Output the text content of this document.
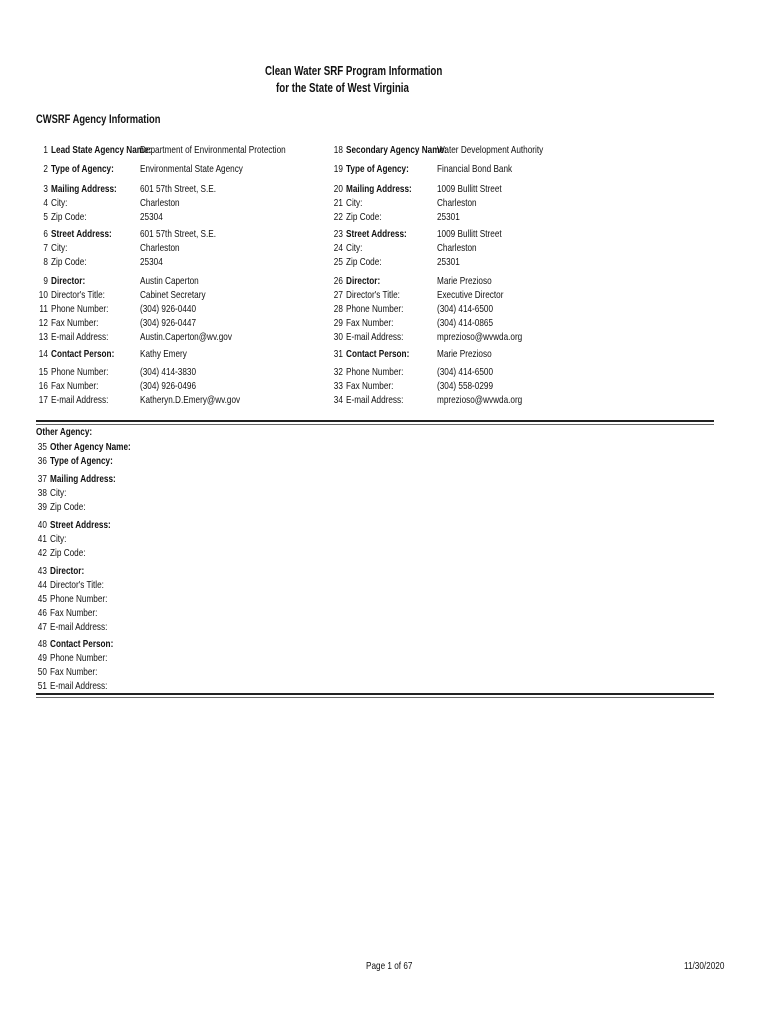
Clean Water SRF Program Information
for the State of West Virginia
CWSRF Agency Information
1 Lead State Agency Name:
Department of Environmental Protection
2 Type of Agency: Environmental State Agency
3 Mailing Address: 601 57th Street, S.E.
4 City:	Charleston
5 Zip Code:	25304
6 Street Address:	601 57th Street, S.E.
7 City:	Charleston
8 Zip Code:	25304
9 Director:	Austin Caperton
10 Director's Title:	Cabinet Secretary
11 Phone Number:	(304) 926-0440
12 Fax Number:	(304) 926-0447
13 E-mail Address:	Austin.Caperton@wv.gov
14 Contact Person: Kathy Emery
15 Phone Number:	(304) 414-3830
16 Fax Number:	(304) 926-0496
17 E-mail Address:	Katheryn.D.Emery@wv.gov
18 Secondary Agency Name:
Water Development Authority
19 Type of Agency:	Financial Bond Bank
20 Mailing Address: 1009 Bullitt Street
21 City:	Charleston
22 Zip Code:	25301
23 Street Address:	1009 Bullitt Street
24 City:	Charleston
25 Zip Code:	25301
26 Director:	Marie Prezioso
27 Director's Title:	Executive Director
28 Phone Number:	(304) 414-6500
29 Fax Number:	(304) 414-0865
30 E-mail Address:	mprezioso@wvwda.org
31 Contact Person:	Marie Prezioso
32 Phone Number:	(304) 414-6500
33 Fax Number:	(304) 558-0299
34 E-mail Address:	mprezioso@wvwda.org
Other Agency:
35 Other Agency Name:
36 Type of Agency:
37 Mailing Address:
38 City:
39 Zip Code:
40 Street Address:
41 City:
42 Zip Code:
43 Director:
44 Director's Title:
45 Phone Number:
46 Fax Number:
47 E-mail Address:
48 Contact Person:
49 Phone Number:
50 Fax Number:
51 E-mail Address:
Page 1 of 67	11/30/2020
